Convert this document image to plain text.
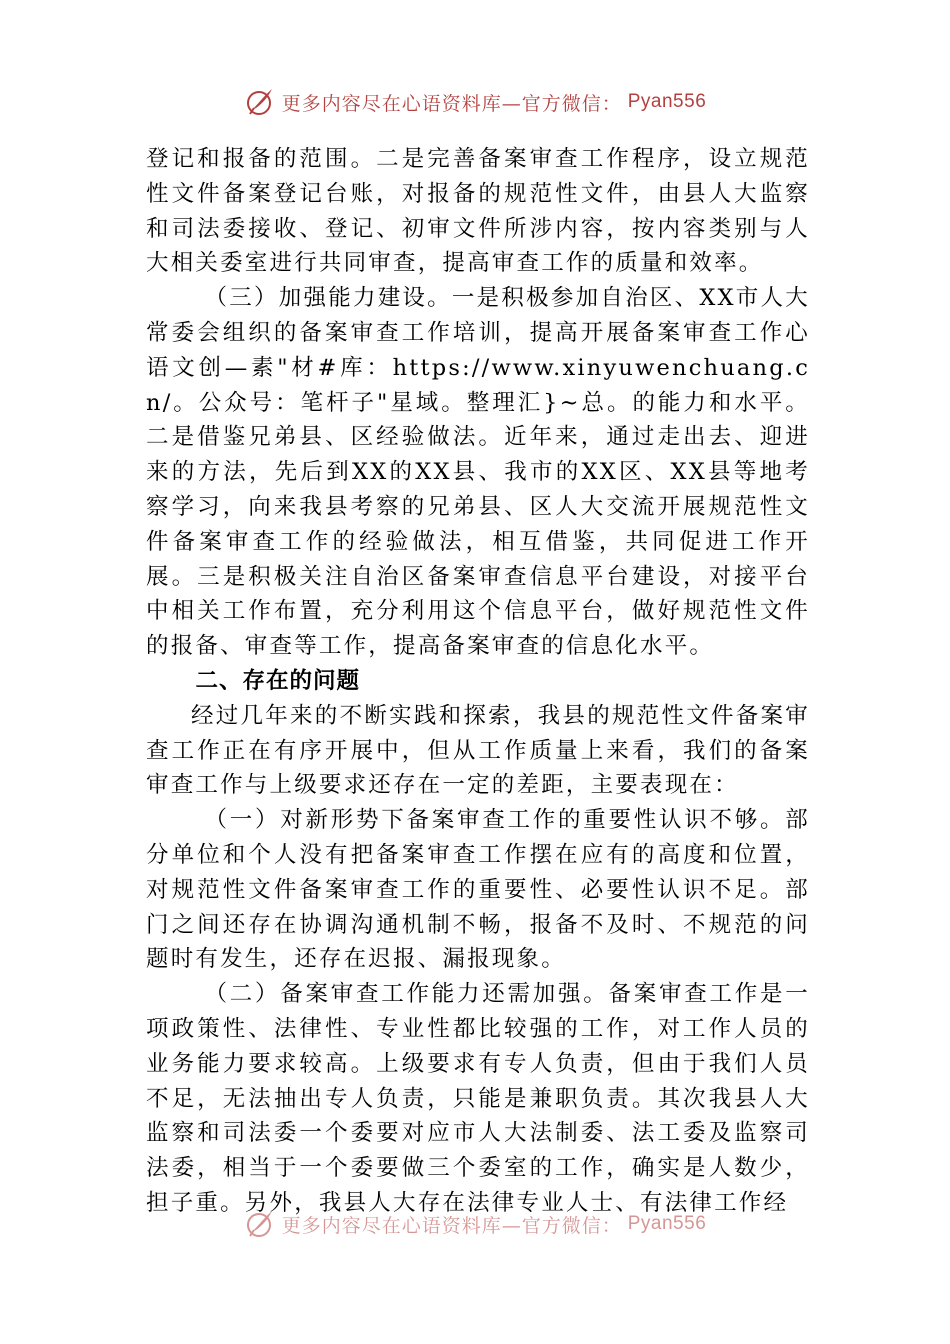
更多内容尽在心语资料库—官方微信： Pyan556

登记和报备的范围。二是完善备案审查工作程序，设立规范性文件备案登记台账，对报备的规范性文件，由县人大监察和司法委接收、登记、初审文件所涉内容，按内容类别与人大相关委室进行共同审查，提高审查工作的质量和效率。

（三）加强能力建设。一是积极参加自治区、XX市人大常委会组织的备案审查工作培训，提高开展备案审查工作心语文创—素"材#库：https://www.xinyuwenchuang.cn/。公众号：笔杆子"星域。整理汇}~总。的能力和水平。二是借鉴兄弟县、区经验做法。近年来，通过走出去、迎进来的方法，先后到XX的XX县、我市的XX区、XX县等地考察学习，向来我县考察的兄弟县、区人大交流开展规范性文件备案审查工作的经验做法，相互借鉴，共同促进工作开展。三是积极关注自治区备案审查信息平台建设，对接平台中相关工作布置，充分利用这个信息平台，做好规范性文件的报备、审查等工作，提高备案审查的信息化水平。

二、存在的问题

经过几年来的不断实践和探索，我县的规范性文件备案审查工作正在有序开展中，但从工作质量上来看，我们的备案审查工作与上级要求还存在一定的差距，主要表现在：

（一）对新形势下备案审查工作的重要性认识不够。部分单位和个人没有把备案审查工作摆在应有的高度和位置，对规范性文件备案审查工作的重要性、必要性认识不足。部门之间还存在协调沟通机制不畅，报备不及时、不规范的问题时有发生，还存在迟报、漏报现象。

（二）备案审查工作能力还需加强。备案审查工作是一项政策性、法律性、专业性都比较强的工作，对工作人员的业务能力要求较高。上级要求有专人负责，但由于我们人员不足，无法抽出专人负责，只能是兼职负责。其次我县人大监察和司法委一个委要对应市人大法制委、法工委及监察司法委，相当于一个委要做三个委室的工作，确实是人数少，担子重。另外，我县人大存在法律专业人士、有法律工作经

更多内容尽在心语资料库—官方微信： Pyan556
